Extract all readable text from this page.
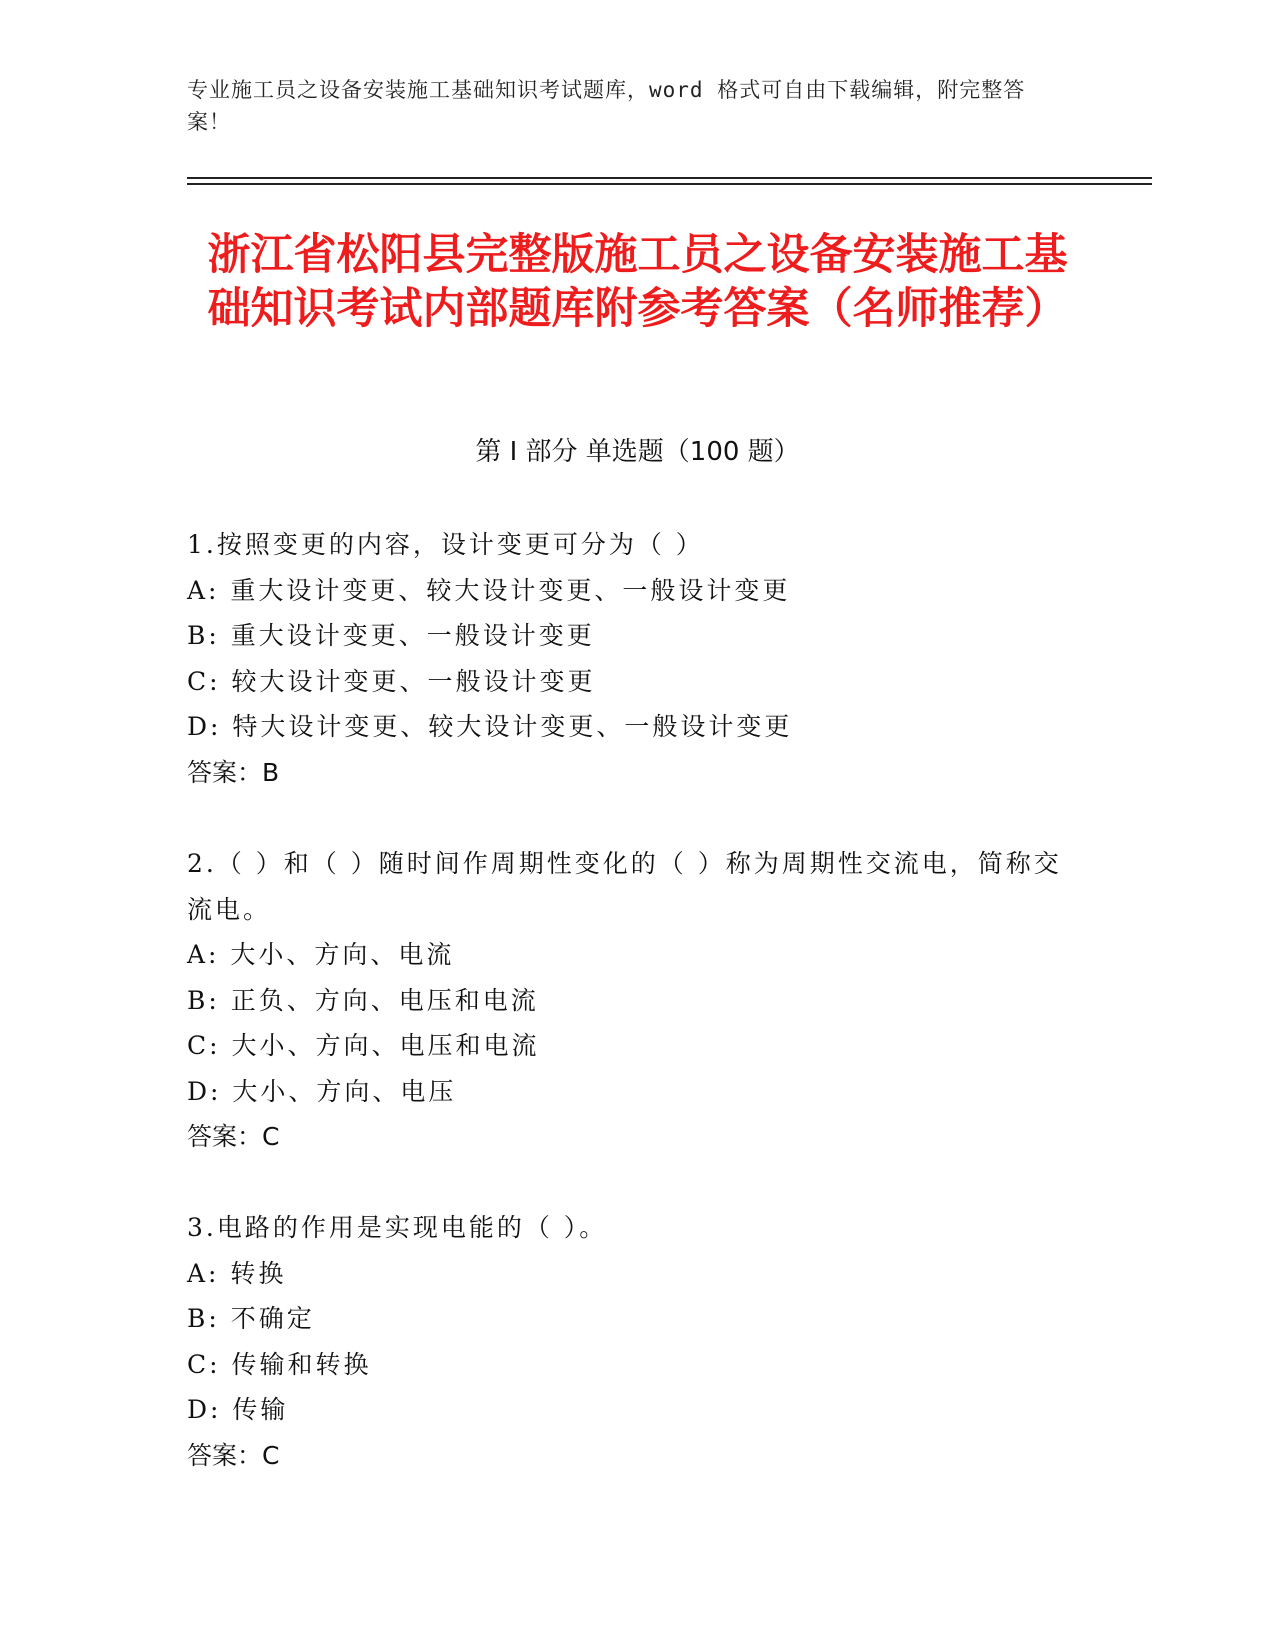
专业施工员之设备安装施工基础知识考试题库，word 格式可自由下载编辑，附完整答案！
浙江省松阳县完整版施工员之设备安装施工基础知识考试内部题库附参考答案（名师推荐）
第 I 部分 单选题（100 题）
1.按照变更的内容，设计变更可分为（ ）
A: 重大设计变更、较大设计变更、一般设计变更
B: 重大设计变更、一般设计变更
C: 较大设计变更、一般设计变更
D: 特大设计变更、较大设计变更、一般设计变更
答案：B
2.（ ）和（ ）随时间作周期性变化的（ ）称为周期性交流电，简称交流电。
A: 大小、方向、电流
B: 正负、方向、电压和电流
C: 大小、方向、电压和电流
D: 大小、方向、电压
答案：C
3.电路的作用是实现电能的（ ）。
A: 转换
B: 不确定
C: 传输和转换
D: 传输
答案：C
